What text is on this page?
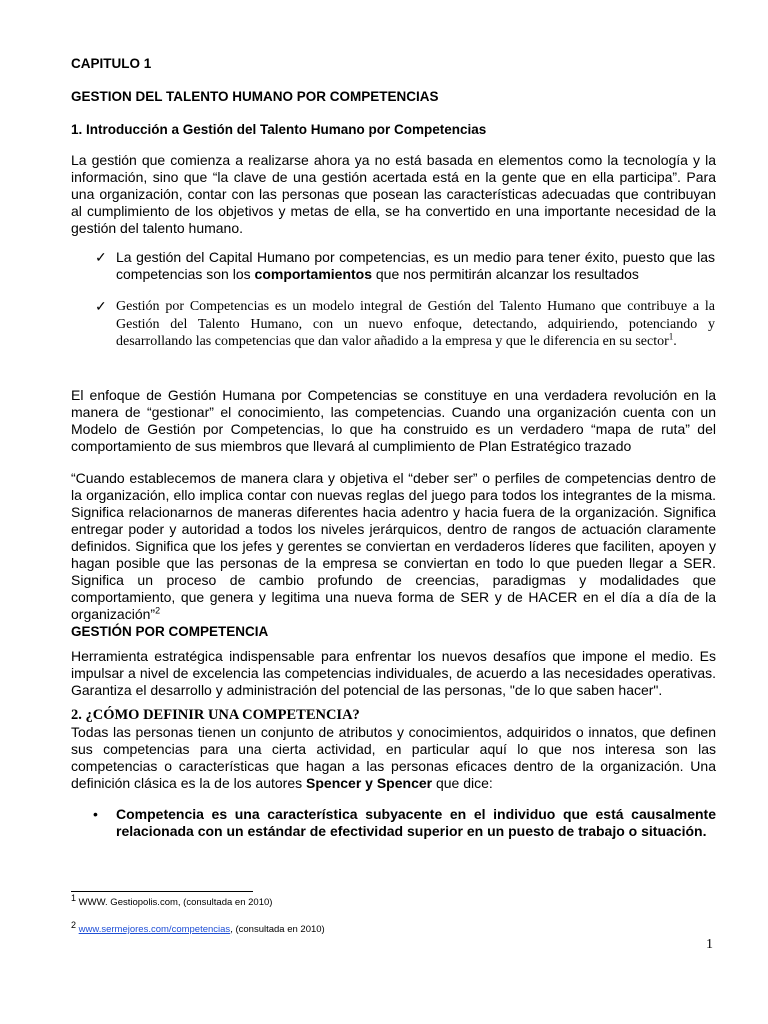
CAPITULO 1
GESTION DEL TALENTO HUMANO POR COMPETENCIAS
1. Introducción a Gestión del Talento Humano por Competencias

La gestión que comienza a realizarse ahora ya no está basada en elementos como la tecnología y la información, sino que “la clave de una gestión acertada está en la gente que en ella participa”. Para una organización, contar con las personas que posean las características adecuadas que contribuyan al cumplimiento de los objetivos y metas de ella, se ha convertido en una importante necesidad de la gestión del talento humano.

✓ La gestión del Capital Humano por competencias, es un medio para tener éxito, puesto que las competencias son los comportamientos que nos permitirán alcanzar los resultados
✓ Gestión por Competencias es un modelo integral de Gestión del Talento Humano que contribuye a la Gestión del Talento Humano, con un nuevo enfoque, detectando, adquiriendo, potenciando y desarrollando las competencias que dan valor añadido a la empresa y que le diferencia en su sector$^1$.

El enfoque de Gestión Humana por Competencias se constituye en una verdadera revolución en la manera de “gestionar” el conocimiento, las competencias. Cuando una organización cuenta con un Modelo de Gestión por Competencias, lo que ha construido es un verdadero “mapa de ruta” del comportamiento de sus miembros que llevará al cumplimiento de Plan Estratégico trazado

“Cuando establecemos de manera clara y objetiva el “deber ser” o perfiles de competencias dentro de la organización, ello implica contar con nuevas reglas del juego para todos los integrantes de la misma. Significa relacionarnos de maneras diferentes hacia adentro y hacia fuera de la organización. Significa entregar poder y autoridad a todos los niveles jerárquicos, dentro de rangos de actuación claramente definidos. Significa que los jefes y gerentes se conviertan en verdaderos líderes que faciliten, apoyen y hagan posible que las personas de la empresa se conviertan en todo lo que pueden llegar a SER. Significa un proceso de cambio profundo de creencias, paradigmas y modalidades que comportamiento, que genera y legitima una nueva forma de SER y de HACER en el día a día de la organización”$^2$

GESTIÓN POR COMPETENCIA

Herramienta estratégica indispensable para enfrentar los nuevos desafíos que impone el medio. Es impulsar a nivel de excelencia las competencias individuales, de acuerdo a las necesidades operativas. Garantiza el desarrollo y administración del potencial de las personas, "de lo que saben hacer".

2. ¿CÓMO DEFINIR UNA COMPETENCIA?

Todas las personas tienen un conjunto de atributos y conocimientos, adquiridos o innatos, que definen sus competencias para una cierta actividad, en particular aquí lo que nos interesa son las competencias o características que hagan a las personas eficaces dentro de la organización. Una definición clásica es la de los autores Spencer y Spencer que dice:

•	Competencia es una característica subyacente en el individuo que está causalmente relacionada con un estándar de efectividad superior en un puesto de trabajo o situación.
$^1$ WWW. Gestiopolis.com, (consultada en 2010)
$^2$ www.sermejores.com/competencias, (consultada en 2010)
1
